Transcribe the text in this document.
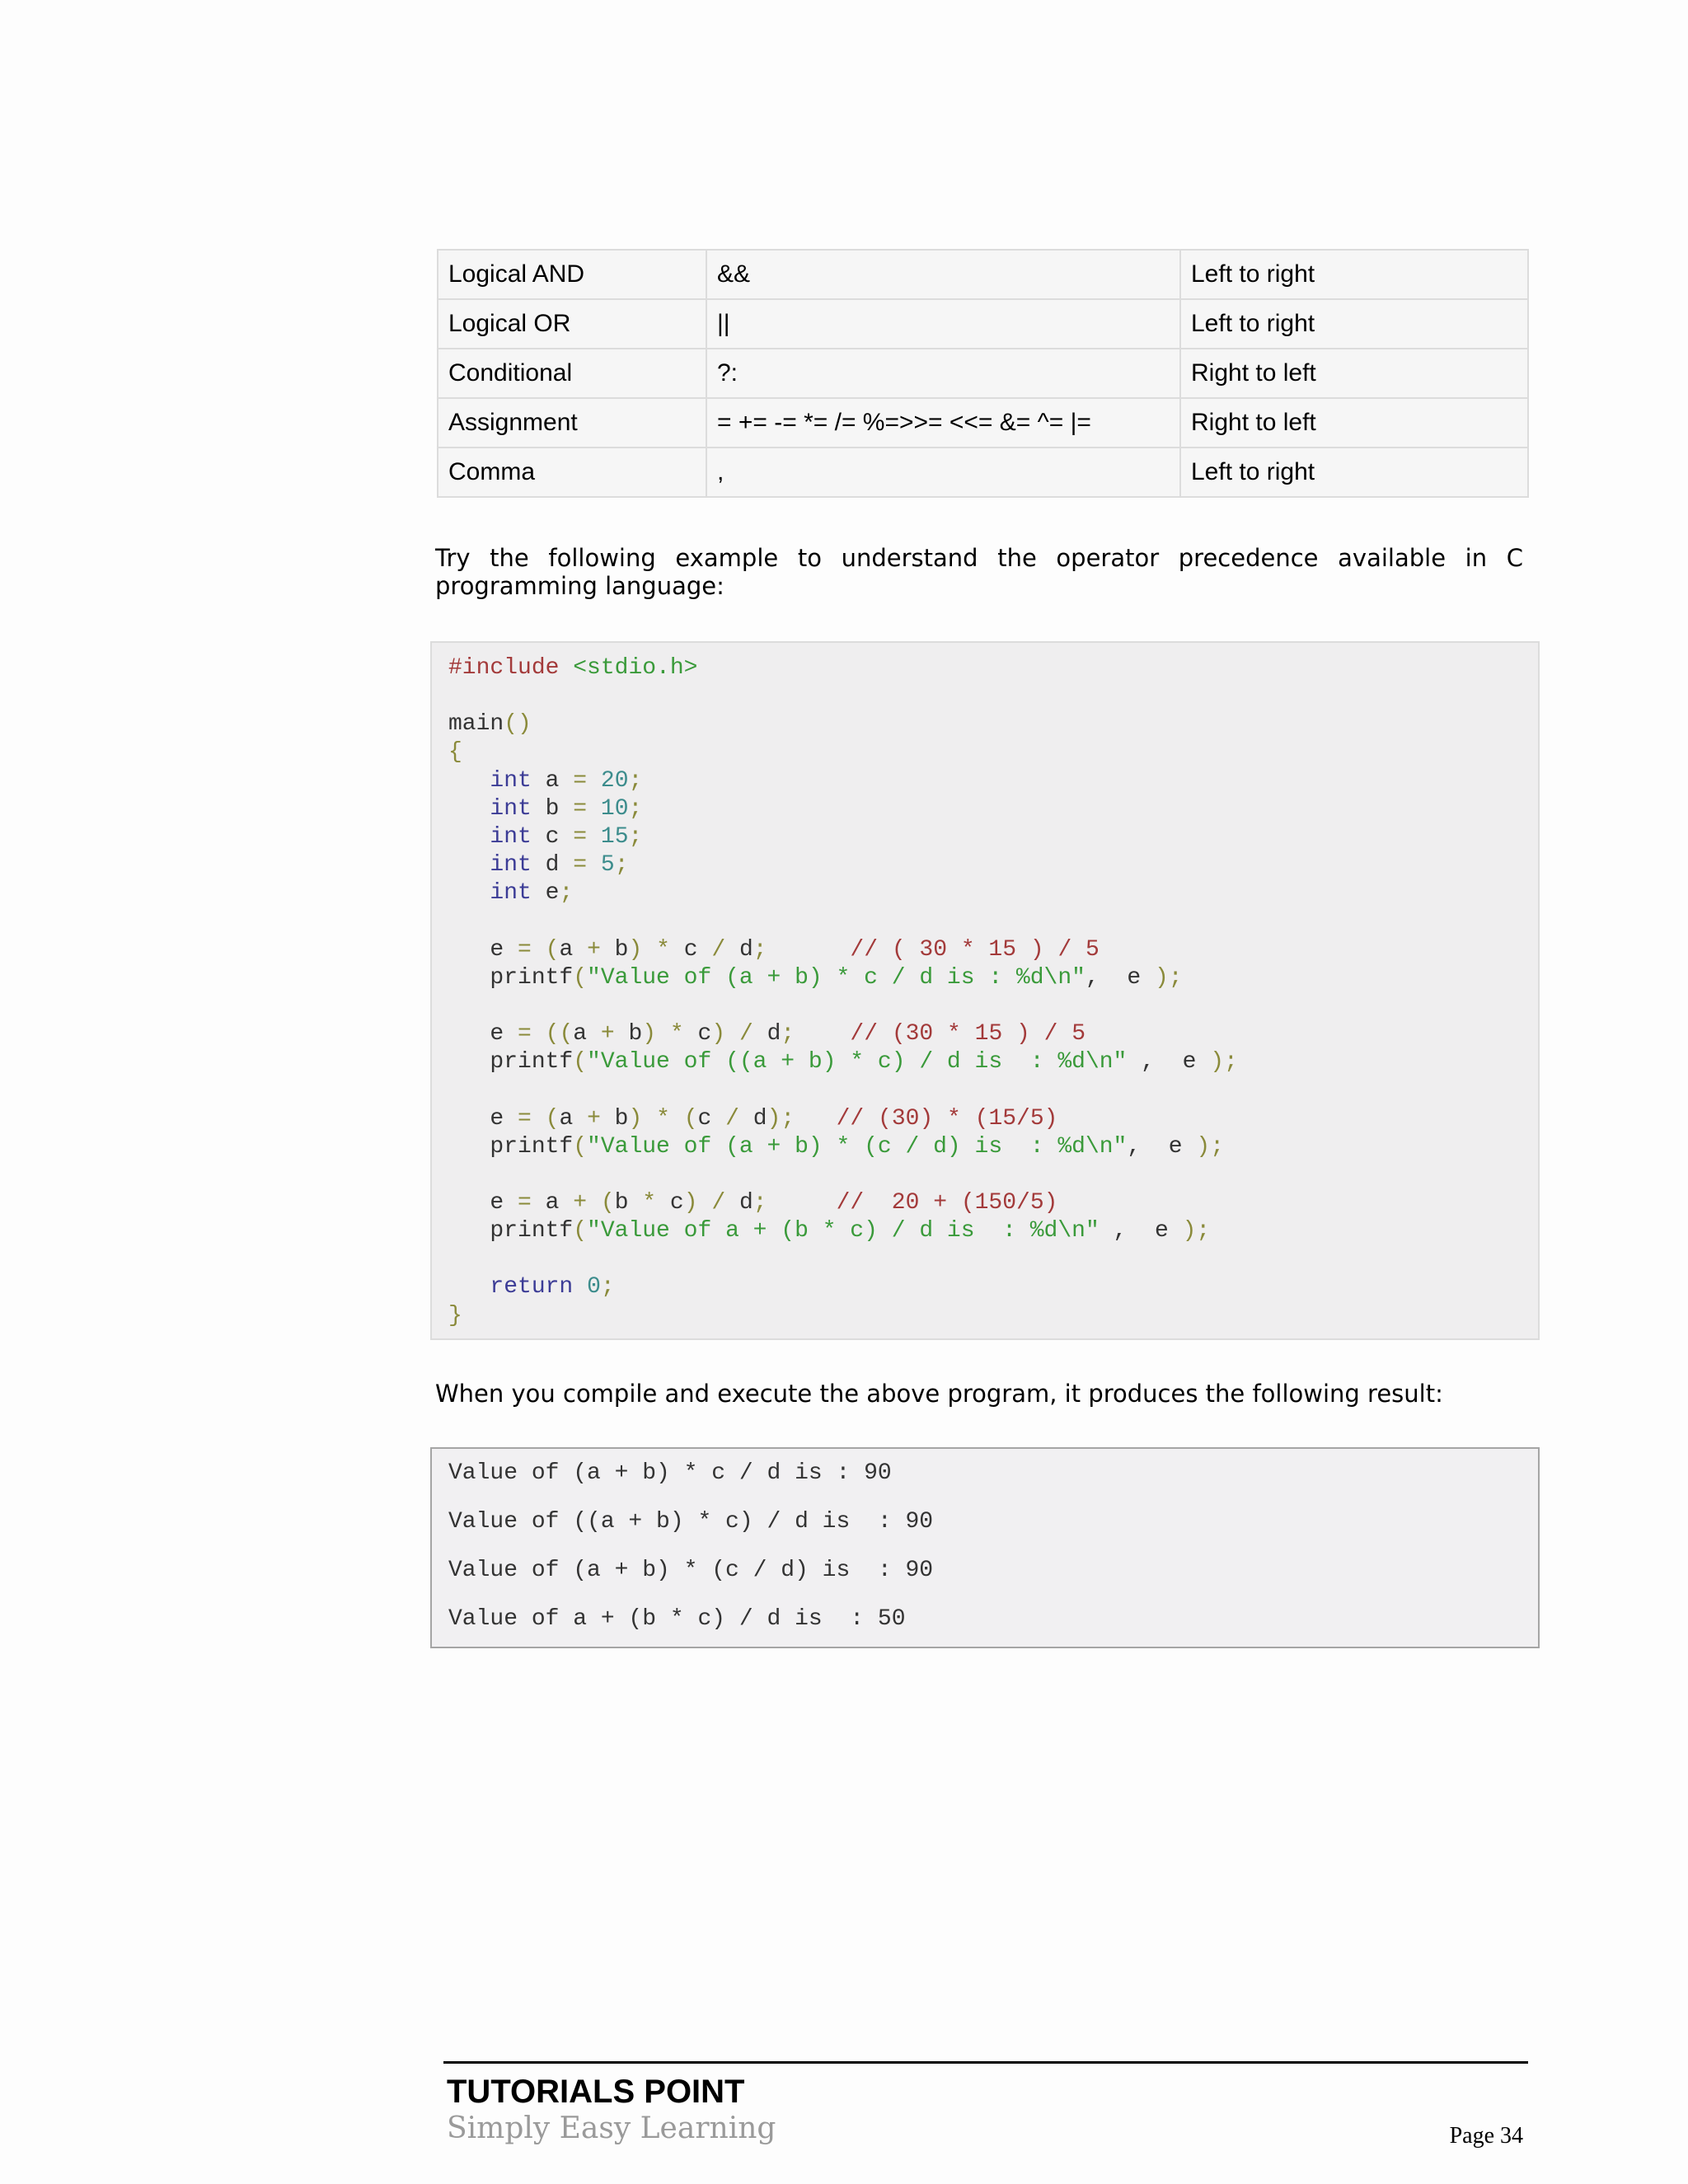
Logical AND	&&	Left to right
Logical OR	||	Left to right
Conditional	?:	Right to left
Assignment	= += -= *= /= %=>>= <<= &= ^= |=	Right to left
Comma	,	Left to right

Try the following example to understand the operator precedence available in C programming language:

#include <stdio.h>

main()
{
int a = 20;
int b = 10;
int c = 15;
int d = 5;
int e;

e = (a + b) * c / d;	// ( 30 * 15 ) / 5
printf("Value of (a + b) * c / d is : %d\n",  e );

e = ((a + b) * c) / d; // (30 * 15 ) / 5
printf("Value of ((a + b) * c) / d is  : %d\n" ,  e );

e = (a + b) * (c / d); // (30) * (15/5)
printf("Value of (a + b) * (c / d) is  : %d\n",  e );

e = a + (b * c) / d;	//  20 + (150/5)
printf("Value of a + (b * c) / d is  : %d\n" ,  e );

return 0;
}

When you compile and execute the above program, it produces the following result:

Value of (a + b) * c / d is : 90

Value of ((a + b) * c) / d is  : 90

Value of (a + b) * (c / d) is  : 90

Value of a + (b * c) / d is  : 50

TUTORIALS POINT

Simply Easy Learning	Page 34
